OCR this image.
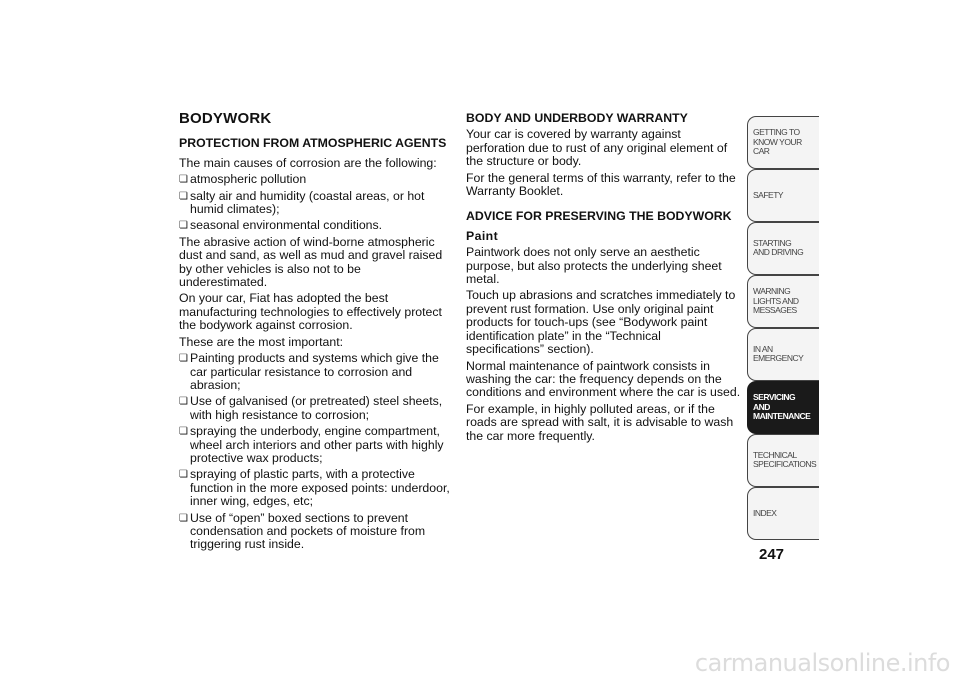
BODYWORK
PROTECTION FROM ATMOSPHERIC AGENTS

The main causes of corrosion are the following:

❏ atmospheric pollution
❏ salty air and humidity (coastal areas, or hot humid climates);
❏ seasonal environmental conditions.

The abrasive action of wind-borne atmospheric dust and sand, as well as mud and gravel raised by other vehicles is also not to be underestimated.

On your car, Fiat has adopted the best manufacturing technologies to effectively protect the bodywork against corrosion.

These are the most important:

❏ Painting products and systems which give the car particular resistance to corrosion and abrasion;
❏ Use of galvanised (or pretreated) steel sheets, with high resistance to corrosion;
❏ spraying the underbody, engine compartment, wheel arch interiors and other parts with highly protective wax products;
❏ spraying of plastic parts, with a protective function in the more exposed points: underdoor, inner wing, edges, etc;
❏ Use of “open” boxed sections to prevent condensation and pockets of moisture from triggering rust inside.
BODY AND UNDERBODY WARRANTY

Your car is covered by warranty against perforation due to rust of any original element of the structure or body.

For the general terms of this warranty, refer to the Warranty Booklet.

ADVICE FOR PRESERVING THE BODYWORK
Paint

Paintwork does not only serve an aesthetic purpose, but also protects the underlying sheet metal.

Touch up abrasions and scratches immediately to prevent rust formation. Use only original paint products for touch-ups (see “Bodywork paint identification plate” in the “Technical specifications” section).

Normal maintenance of paintwork consists in washing the car: the frequency depends on the conditions and environment where the car is used.

For example, in highly polluted areas, or if the roads are spread with salt, it is advisable to wash the car more frequently.

GETTING TO KNOW YOUR CAR
SAFETY
STARTING AND DRIVING
WARNING LIGHTS AND MESSAGES
IN AN EMERGENCY
SERVICING AND MAINTENANCE
TECHNICAL SPECIFICATIONS
INDEX
247
carmanualsonline.info
